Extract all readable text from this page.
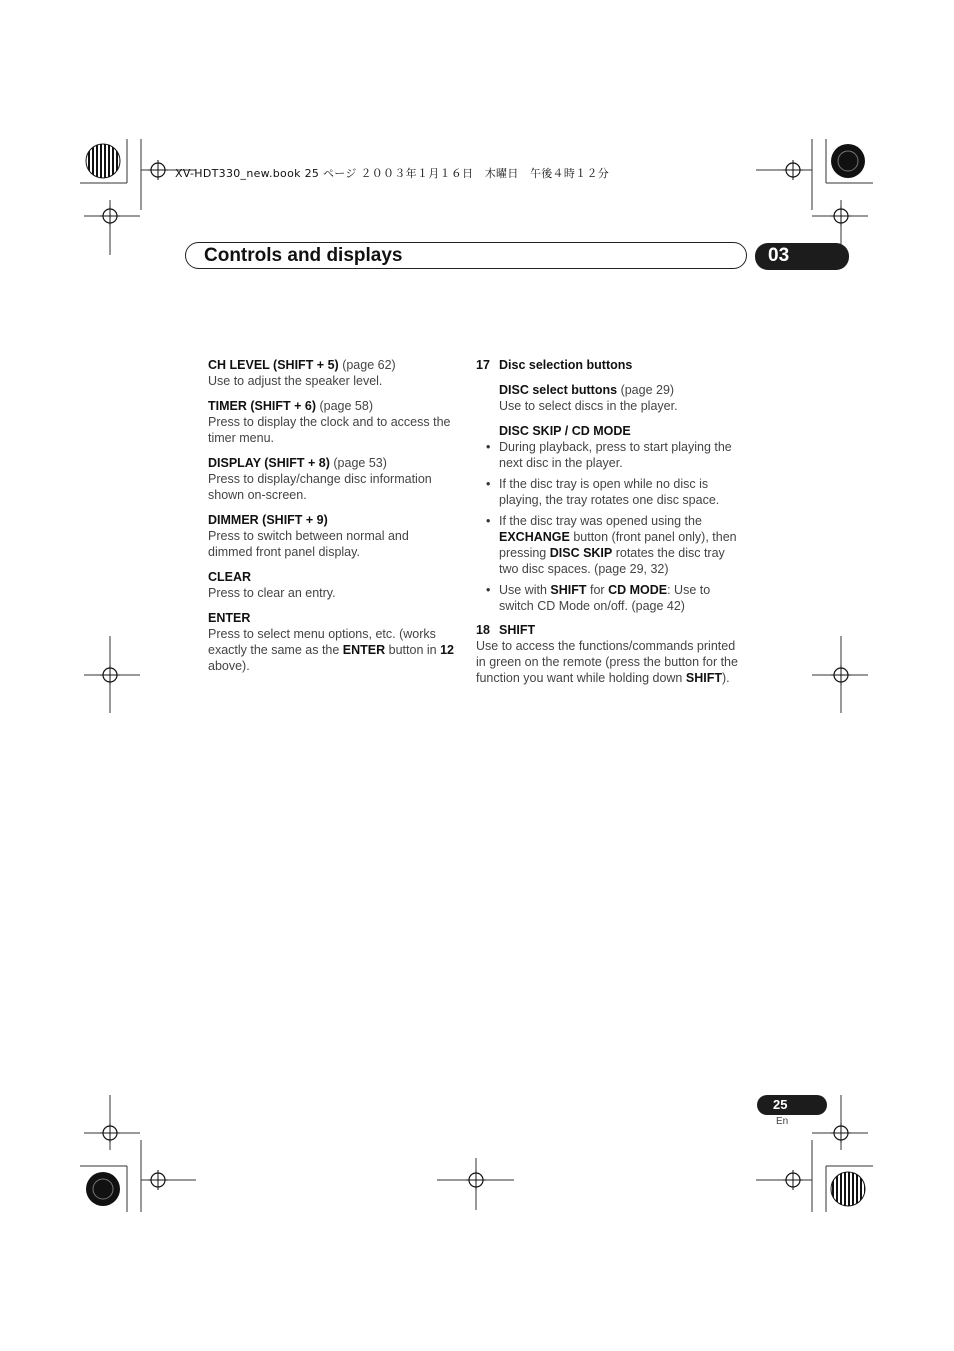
XV-HDT330_new.book 25 ページ ２００３年１月１６日　木曜日　午後４時１２分
Controls and displays	03
CH LEVEL (SHIFT + 5) (page 62)
Use to adjust the speaker level.
TIMER (SHIFT + 6) (page 58)
Press to display the clock and to access the timer menu.
DISPLAY (SHIFT + 8) (page 53)
Press to display/change disc information shown on-screen.
DIMMER (SHIFT + 9)
Press to switch between normal and dimmed front panel display.
CLEAR
Press to clear an entry.
ENTER
Press to select menu options, etc. (works exactly the same as the ENTER button in 12 above).
17 Disc selection buttons
DISC select buttons (page 29)
Use to select discs in the player.
DISC SKIP / CD MODE
• During playback, press to start playing the next disc in the player.
• If the disc tray is open while no disc is playing, the tray rotates one disc space.
• If the disc tray was opened using the EXCHANGE button (front panel only), then pressing DISC SKIP rotates the disc tray two disc spaces. (page 29, 32)
• Use with SHIFT for CD MODE: Use to switch CD Mode on/off. (page 42)
18 SHIFT
Use to access the functions/commands printed in green on the remote (press the button for the function you want while holding down SHIFT).
25
En
